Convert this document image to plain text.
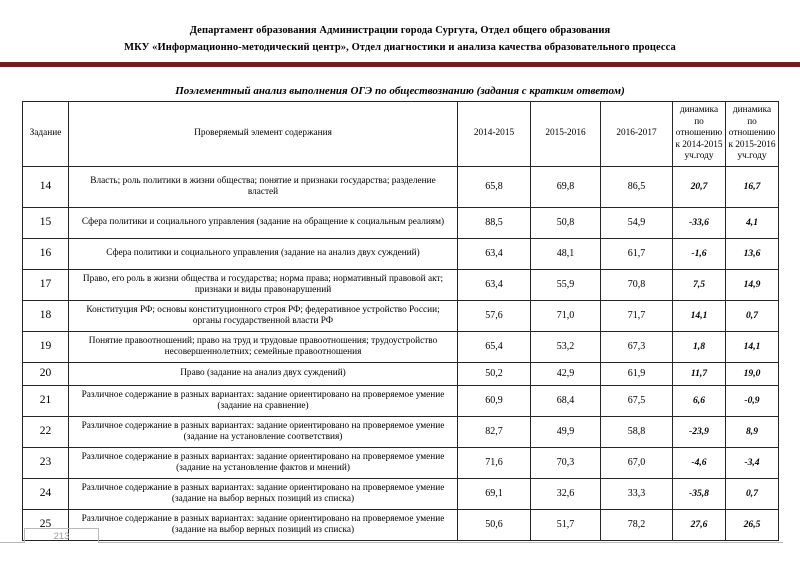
Департамент образования Администрации города Сургута, Отдел общего образования
МКУ «Информационно-методический центр», Отдел диагностики и анализа качества образовательного процесса
Поэлементный анализ выполнения ОГЭ по обществознанию (задания с кратким ответом)
Задание	Проверяемый элемент содержания	2014-2015	2015-2016	2016-2017	динамика по отношению к 2014-2015 уч.году	динамика по отношению к 2015-2016 уч.году
14	Власть; роль политики в жизни общества; понятие и признаки государства; разделение властей	65,8	69,8	86,5	20,7	16,7
15	Сфера политики и социального управления (задание на обращение к социальным реалиям)	88,5	50,8	54,9	-33,6	4,1
16	Сфера политики и социального управления (задание на анализ двух суждений)	63,4	48,1	61,7	-1,6	13,6
17	Право, его роль в жизни общества и государства; норма права; нормативный правовой акт; признаки и виды правонарушений	63,4	55,9	70,8	7,5	14,9
18	Конституция РФ; основы конституционного строя РФ; федеративное устройство России; органы государственной власти РФ	57,6	71,0	71,7	14,1	0,7
19	Понятие правоотношений; право на труд и трудовые правоотношения; трудоустройство несовершеннолетних; семейные правоотношения	65,4	53,2	67,3	1,8	14,1
20	Право (задание на анализ двух суждений)	50,2	42,9	61,9	11,7	19,0
21	Различное содержание в разных вариантах: задание ориентировано на проверяемое умение (задание на сравнение)	60,9	68,4	67,5	6,6	-0,9
22	Различное содержание в разных вариантах: задание ориентировано на проверяемое умение (задание на установление соответствия)	82,7	49,9	58,8	-23,9	8,9
23	Различное содержание в разных вариантах: задание ориентировано на проверяемое умение (задание на установление фактов и мнений)	71,6	70,3	67,0	-4,6	-3,4
24	Различное содержание в разных вариантах: задание ориентировано на проверяемое умение (задание на выбор верных позиций из списка)	69,1	32,6	33,3	-35,8	0,7
25	Различное содержание в разных вариантах: задание ориентировано на проверяемое умение (задание на выбор верных позиций из списка)	50,6	51,7	78,2	27,6	26,5
213
